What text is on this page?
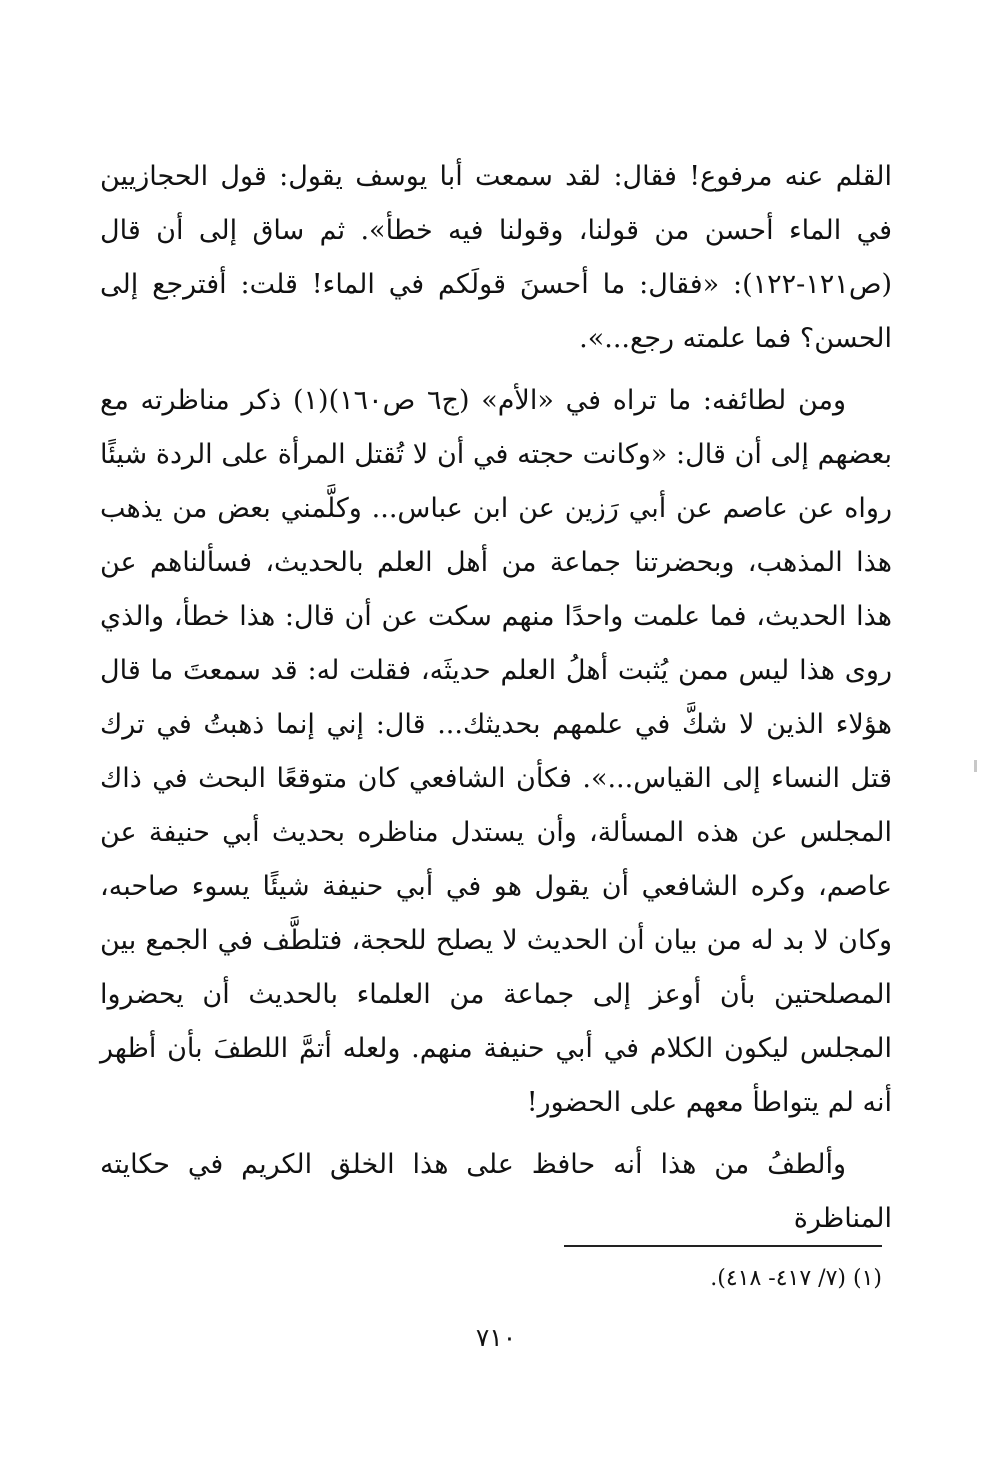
القلم عنه مرفوع! فقال: لقد سمعت أبا يوسف يقول: قول الحجازيين في الماء أحسن من قولنا، وقولنا فيه خطأ». ثم ساق إلى أن قال (ص١٢١-١٢٢): «فقال: ما أحسنَ قولَكم في الماء! قلت: أفترجع إلى الحسن؟ فما علمته رجع...».

ومن لطائفه: ما تراه في «الأم» (ج٦ ص١٦٠)(١) ذكر مناظرته مع بعضهم إلى أن قال: «وكانت حجته في أن لا تُقتل المرأة على الردة شيئًا رواه عن عاصم عن أبي رَزين عن ابن عباس... وكلَّمني بعض من يذهب هذا المذهب، وبحضرتنا جماعة من أهل العلم بالحديث، فسألناهم عن هذا الحديث، فما علمت واحدًا منهم سكت عن أن قال: هذا خطأ، والذي روى هذا ليس ممن يُثبت أهلُ العلم حديثَه، فقلت له: قد سمعتَ ما قال هؤلاء الذين لا شكَّ في علمهم بحديثك... قال: إني إنما ذهبتُ في ترك قتل النساء إلى القياس...». فكأن الشافعي كان متوقعًا البحث في ذاك المجلس عن هذه المسألة، وأن يستدل مناظره بحديث أبي حنيفة عن عاصم، وكره الشافعي أن يقول هو في أبي حنيفة شيئًا يسوء صاحبه، وكان لا بد له من بيان أن الحديث لا يصلح للحجة، فتلطَّف في الجمع بين المصلحتين بأن أوعز إلى جماعة من العلماء بالحديث أن يحضروا المجلس ليكون الكلام في أبي حنيفة منهم. ولعله أتمَّ اللطفَ بأن أظهر أنه لم يتواطأ معهم على الحضور!

وألطفُ من هذا أنه حافظ على هذا الخلق الكريم في حكايته المناظرة

(١) (٧/ ٤١٧- ٤١٨).
٧١٠
